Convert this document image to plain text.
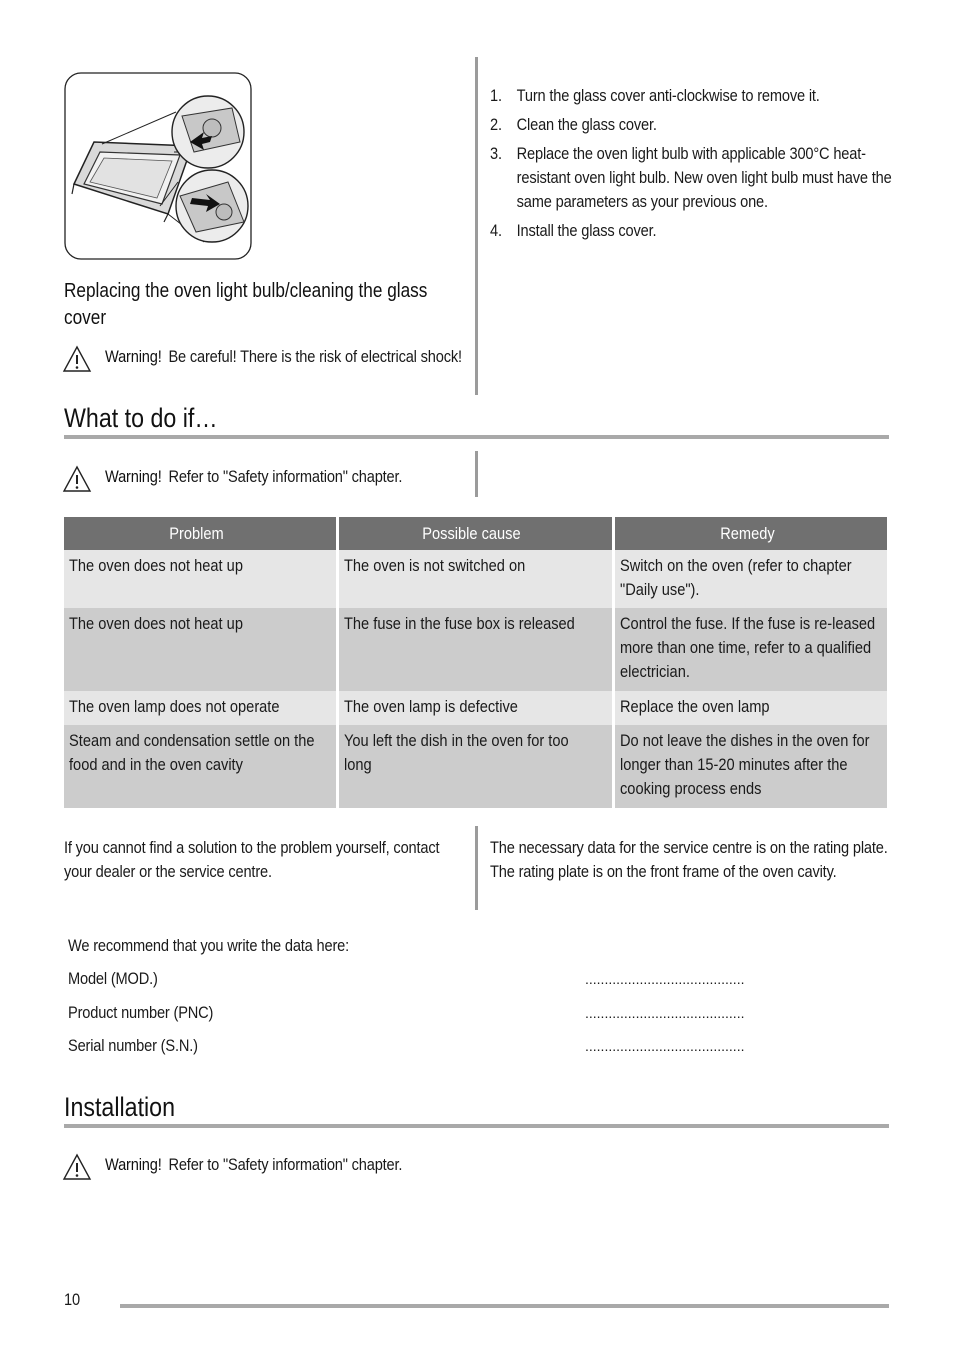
Replacing the oven light bulb/cleaning the glass cover
Warning! Be careful! There is the risk of electrical shock!
1. Turn the glass cover anti-clockwise to remove it.
2. Clean the glass cover.
3. Replace the oven light bulb with applicable 300°C heat-resistant oven light bulb. New oven light bulb must have the same parameters as your previous one.
4. Install the glass cover.
What to do if…
Warning! Refer to "Safety information" chapter.
Problem	Possible cause	Remedy

The oven does not heat up	The oven is not switched on	Switch on the oven (refer to chapter "Daily use").

The oven does not heat up	The fuse in the fuse box is released	Control the fuse. If the fuse is re-leased more than one time, refer to a qualified electrician.

The oven lamp does not operate	The oven lamp is defective	Replace the oven lamp

Steam and condensation settle on the food and in the oven cavity	You left the dish in the oven for too long	Do not leave the dishes in the oven for longer than 15-20 minutes after the cooking process ends
If you cannot find a solution to the problem yourself, contact your dealer or the service centre.
The necessary data for the service centre is on the rating plate. The rating plate is on the front frame of the oven cavity.
We recommend that you write the data here:
Model (MOD.)	.........................................
Product number (PNC)	.........................................
Serial number (S.N.)	.........................................
Installation
Warning! Refer to "Safety information" chapter.
10
